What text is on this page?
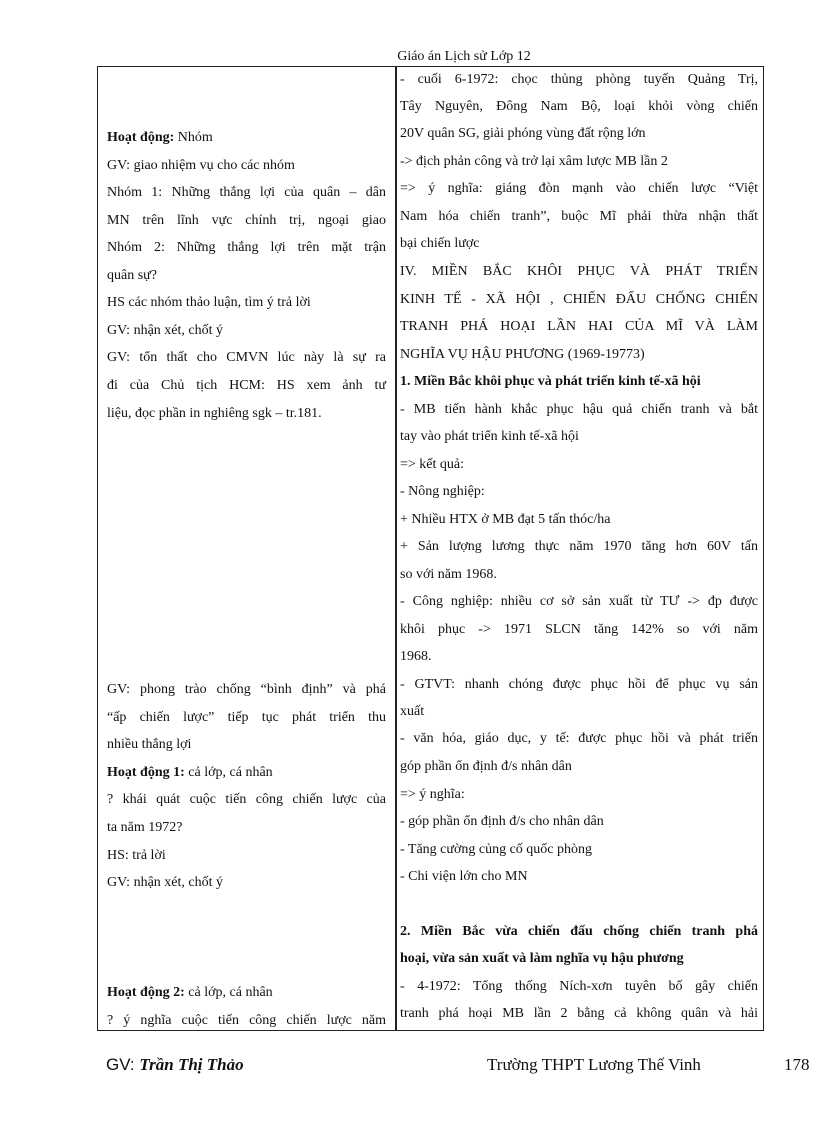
Giáo án Lịch sử Lớp 12
Hoạt động: Nhóm
GV: giao nhiệm vụ cho các nhóm
Nhóm 1: Những thắng lợi của quân – dân
MN trên lĩnh vực chính trị, ngoại giao
Nhóm 2: Những thắng lợi trên mặt trận
quân sự?
HS các nhóm thảo luận, tìm ý trả lời
GV: nhận xét, chốt ý
GV: tổn thất cho CMVN lúc này là sự ra
đi của Chủ tịch HCM: HS xem ảnh tư
liệu, đọc phần in nghiêng sgk – tr.181.
GV: phong trào chống “bình định” và phá
“ấp chiến lược” tiếp tục phát triển thu
nhiều thắng lợi
Hoạt động 1: cả lớp, cá nhân
? khái quát cuộc tiến công chiến lược của
ta năm 1972?
HS: trả lời
GV: nhận xét, chốt ý
Hoạt động 2: cả lớp, cá nhân
? ý nghĩa cuộc tiến công chiến lược năm
- cuối 6-1972: chọc thủng phòng tuyến Quảng Trị,
Tây Nguyên, Đông Nam Bộ, loại khỏi vòng chiến
20V quân SG, giải phóng vùng đất rộng lớn
-> địch phản công và trở lại xâm lược MB lần 2
=> ý nghĩa: giáng đòn mạnh vào chiến lược “Việt
Nam hóa chiến tranh”, buộc Mĩ phải thừa nhận thất
bại chiến lược
IV. MIỀN BẮC KHÔI PHỤC VÀ PHÁT TRIỂN
KINH TẾ - XÃ HỘI , CHIẾN ĐẤU CHỐNG CHIẾN
TRANH PHÁ HOẠI LẦN HAI CỦA MĨ VÀ LÀM
NGHĨA VỤ HẬU PHƯƠNG (1969-19773)
1. Miền Bắc khôi phục và phát triển kinh tế-xã hội
- MB tiến hành khắc phục hậu quả chiến tranh và bắt
tay vào phát triển kinh tế-xã hội
=> kết quả:
- Nông nghiệp:
+ Nhiều HTX ở MB đạt 5 tấn thóc/ha
+ Sản lượng lương thực năm 1970 tăng hơn 60V tấn
so với năm 1968.
- Công nghiệp: nhiều cơ sở sản xuất từ TƯ -> đp được
khôi phục -> 1971 SLCN tăng 142% so với năm
1968.
- GTVT: nhanh chóng được phục hồi để phục vụ sản
xuất
- văn hóa, giáo dục, y tế: được phục hồi và phát triển
góp phần ổn định đ/s nhân dân
=> ý nghĩa:
- góp phần ổn định đ/s cho nhân dân
- Tăng cường củng cố quốc phòng
- Chi viện lớn cho MN
2. Miền Bắc vừa chiến đấu chống chiến tranh phá
hoại, vừa sản xuất và làm nghĩa vụ hậu phương
- 4-1972: Tổng thống Ních-xơn tuyên bố gây chiến
tranh phá hoại MB lần 2 bằng cả không quân và hải
GV: Trần Thị Thảo	Trường THPT Lương Thế Vinh	178
